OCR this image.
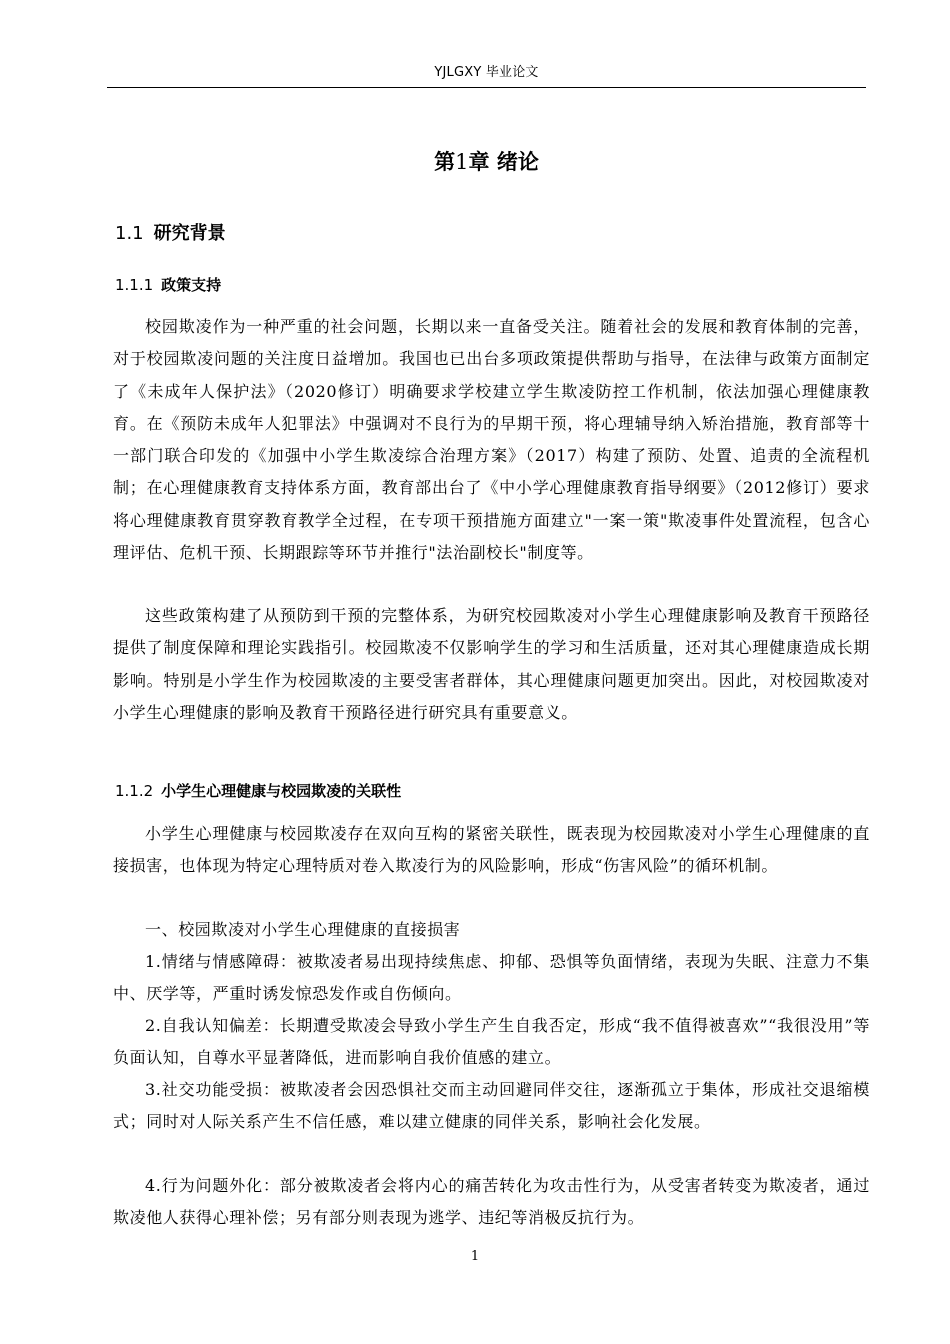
YJLGXY 毕业论文
第1章 绪论
1.1 研究背景
1.1.1 政策支持

校园欺凌作为一种严重的社会问题，长期以来一直备受关注。随着社会的发展和教育体制的完善，对于校园欺凌问题的关注度日益增加。我国也已出台多项政策提供帮助与指导，在法律与政策方面制定了《未成年人保护法》（2020修订）明确要求学校建立学生欺凌防控工作机制，依法加强心理健康教育。在《预防未成年人犯罪法》中强调对不良行为的早期干预，将心理辅导纳入矫治措施，教育部等十一部门联合印发的《加强中小学生欺凌综合治理方案》（2017）构建了预防、处置、追责的全流程机制；在心理健康教育支持体系方面，教育部出台了《中小学心理健康教育指导纲要》（2012修订）要求将心理健康教育贯穿教育教学全过程，在专项干预措施方面建立"一案一策"欺凌事件处置流程，包含心理评估、危机干预、长期跟踪等环节并推行"法治副校长"制度等。

这些政策构建了从预防到干预的完整体系，为研究校园欺凌对小学生心理健康影响及教育干预路径提供了制度保障和理论实践指引。校园欺凌不仅影响学生的学习和生活质量，还对其心理健康造成长期影响。特别是小学生作为校园欺凌的主要受害者群体，其心理健康问题更加突出。因此，对校园欺凌对小学生心理健康的影响及教育干预路径进行研究具有重要意义。

1.1.2 小学生心理健康与校园欺凌的关联性

小学生心理健康与校园欺凌存在双向互构的紧密关联性，既表现为校园欺凌对小学生心理健康的直接损害，也体现为特定心理特质对卷入欺凌行为的风险影响，形成“伤害风险”的循环机制。

一、校园欺凌对小学生心理健康的直接损害

1.情绪与情感障碍：被欺凌者易出现持续焦虑、抑郁、恐惧等负面情绪，表现为失眠、注意力不集中、厌学等，严重时诱发惊恐发作或自伤倾向。

2.自我认知偏差：长期遭受欺凌会导致小学生产生自我否定，形成“我不值得被喜欢”“我很没用”等负面认知，自尊水平显著降低，进而影响自我价值感的建立。

3.社交功能受损：被欺凌者会因恐惧社交而主动回避同伴交往，逐渐孤立于集体，形成社交退缩模式；同时对人际关系产生不信任感，难以建立健康的同伴关系，影响社会化发展。

4.行为问题外化：部分被欺凌者会将内心的痛苦转化为攻击性行为，从受害者转变为欺凌者，通过欺凌他人获得心理补偿；另有部分则表现为逃学、违纪等消极反抗行为。

1
